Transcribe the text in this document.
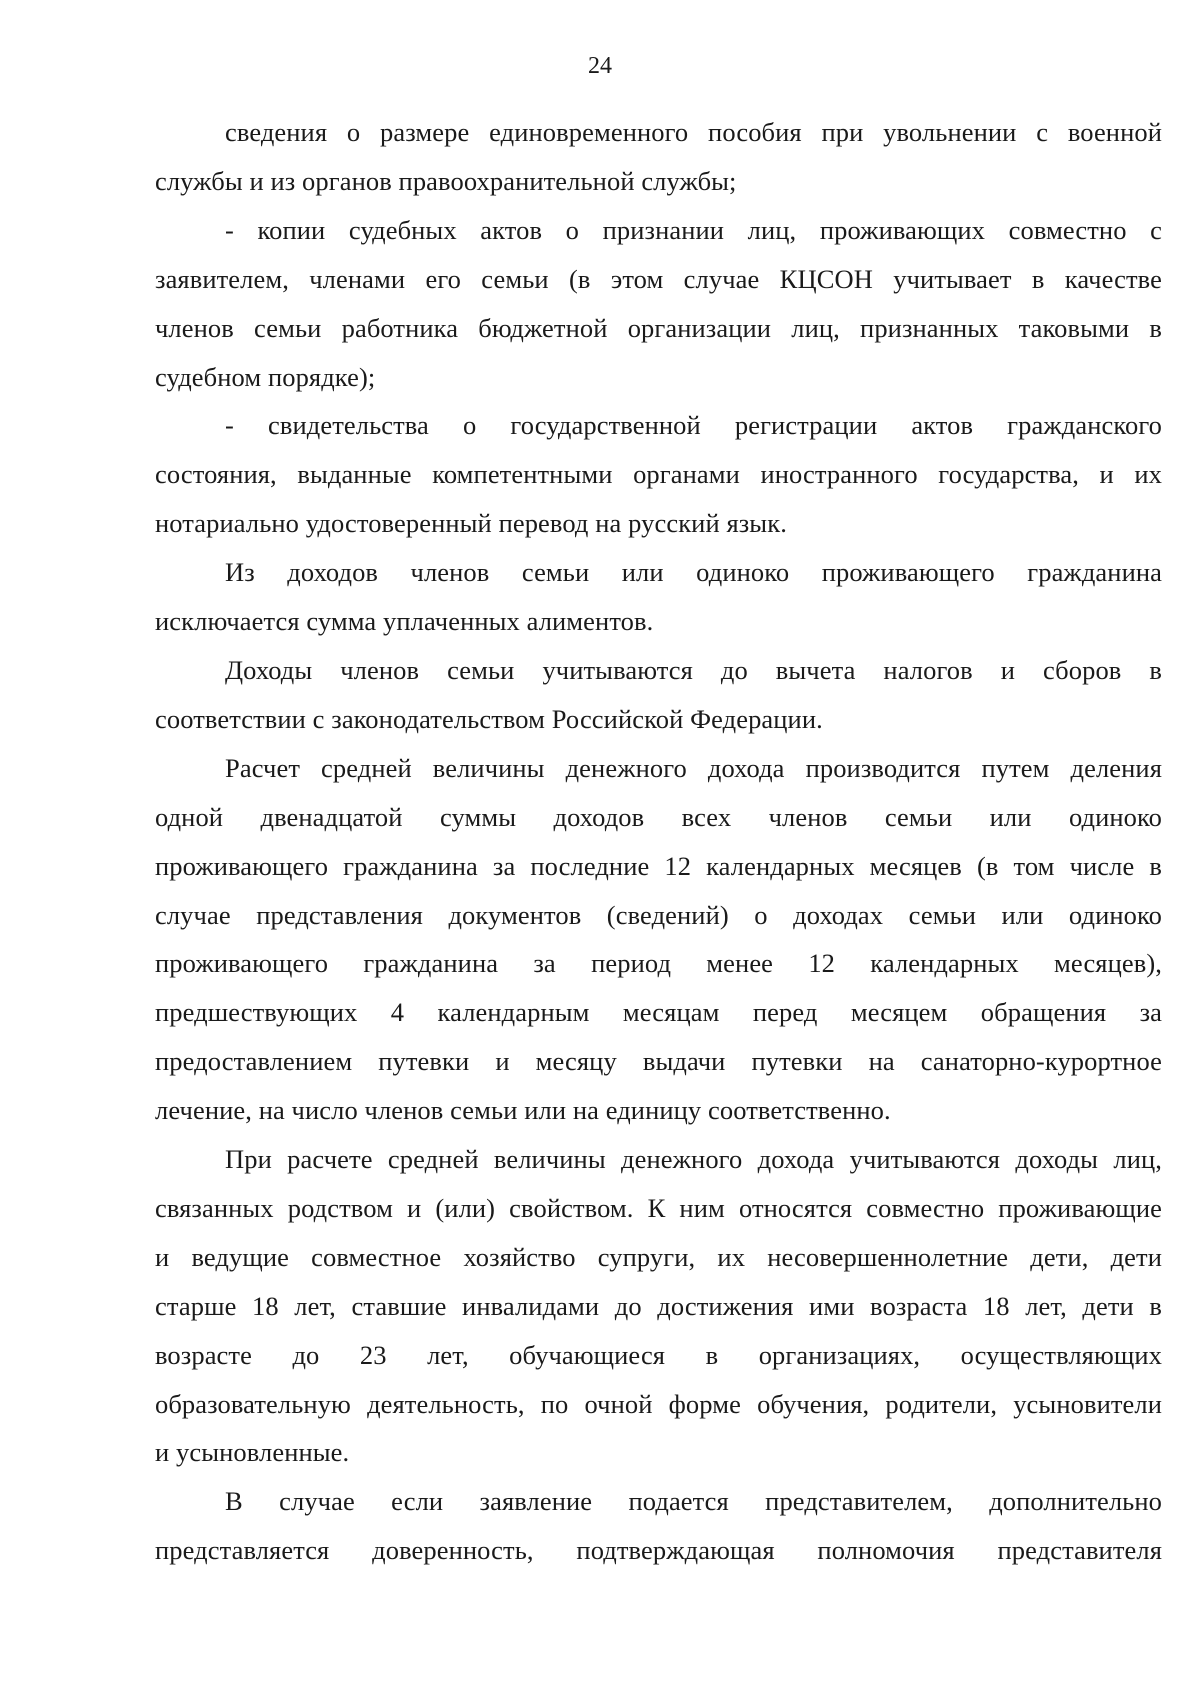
24

сведения о размере единовременного пособия при увольнении с военной
службы и из органов правоохранительной службы;

- копии судебных актов о признании лиц, проживающих совместно с
заявителем, членами его семьи (в этом случае КЦСОН учитывает в качестве
членов семьи работника бюджетной организации лиц, признанных таковыми в
судебном порядке);

- свидетельства о государственной регистрации актов гражданского
состояния, выданные компетентными органами иностранного государства, и их
нотариально удостоверенный перевод на русский язык.

Из доходов членов семьи или одиноко проживающего гражданина
исключается сумма уплаченных алиментов.

Доходы членов семьи учитываются до вычета налогов и сборов в
соответствии с законодательством Российской Федерации.

Расчет средней величины денежного дохода производится путем деления
одной двенадцатой суммы доходов всех членов семьи или одиноко
проживающего гражданина за последние 12 календарных месяцев (в том числе в
случае представления документов (сведений) о доходах семьи или одиноко
проживающего гражданина за период менее 12 календарных месяцев),
предшествующих 4 календарным месяцам перед месяцем обращения за
предоставлением путевки и месяцу выдачи путевки на санаторно-курортное
лечение, на число членов семьи или на единицу соответственно.

При расчете средней величины денежного дохода учитываются доходы лиц,
связанных родством и (или) свойством. К ним относятся совместно проживающие
и ведущие совместное хозяйство супруги, их несовершеннолетние дети, дети
старше 18 лет, ставшие инвалидами до достижения ими возраста 18 лет, дети в
возрасте до 23 лет, обучающиеся в организациях, осуществляющих
образовательную деятельность, по очной форме обучения, родители, усыновители
и усыновленные.

В случае если заявление подается представителем, дополнительно
представляется доверенность, подтверждающая полномочия представителя
